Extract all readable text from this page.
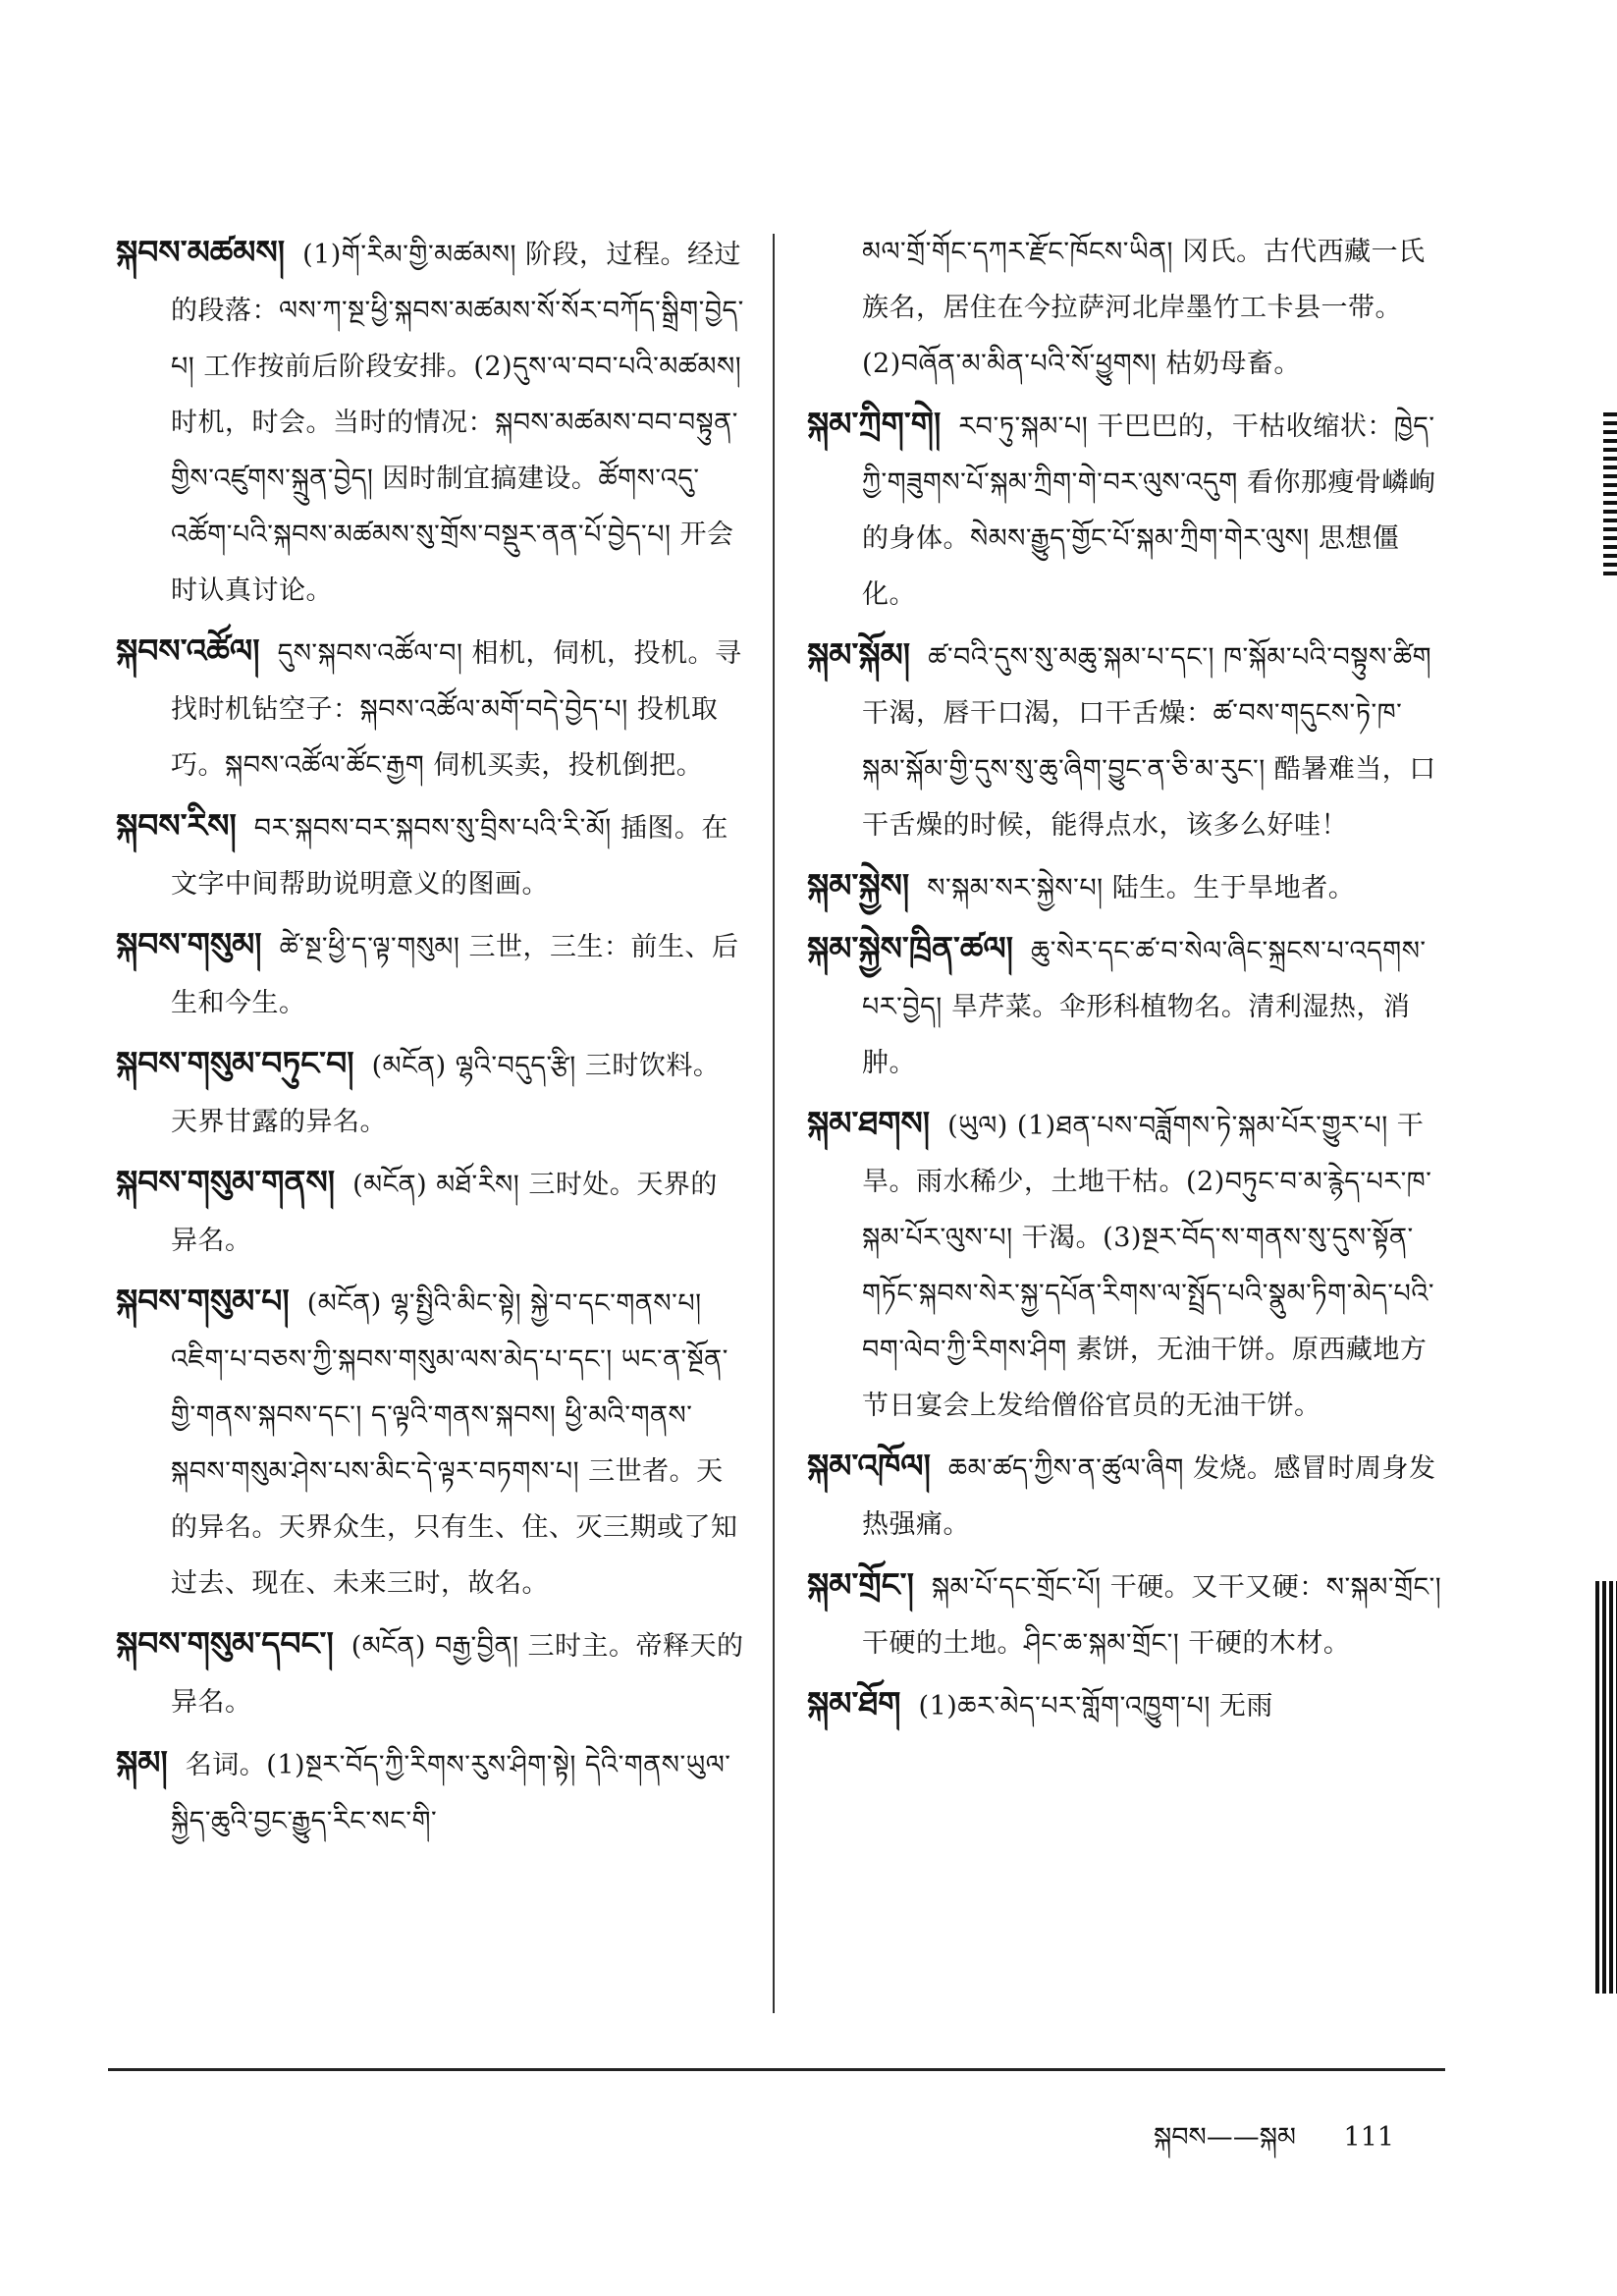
སྐབས་མཚམས། (1)གོ་རིམ་གྱི་མཚམས། 阶段，过程。经过的段落：ལས་ཀ་སྔ་ཕྱི་སྐབས་མཚམས་སོ་སོར་བཀོད་སྒྲིག་བྱེད་པ། 工作按前后阶段安排。(2)དུས་ལ་བབ་པའི་མཚམས། 时机，时会。当时的情况：སྐབས་མཚམས་བབ་བསྟུན་གྱིས་འཛུགས་སྐྲུན་བྱེད། 因时制宜搞建设。ཚོགས་འདུ་འཚོག་པའི་སྐབས་མཚམས་སུ་གྲོས་བསྡུར་ནན་པོ་བྱེད་པ། 开会时认真讨论。

སྐབས་འཚོལ། དུས་སྐབས་འཚོལ་བ། 相机，伺机，投机。寻找时机钻空子：སྐབས་འཚོལ་མགོ་བདེ་བྱེད་པ། 投机取巧。སྐབས་འཚོལ་ཚོང་རྒྱག 伺机买卖，投机倒把。

སྐབས་རིས། བར་སྐབས་བར་སྐབས་སུ་བྲིས་པའི་རི་མོ། 插图。在文字中间帮助说明意义的图画。

སྐབས་གསུམ། ཚེ་སྔ་ཕྱི་ད་ལྟ་གསུམ། 三世，三生：前生、后生和今生。

སྐབས་གསུམ་བཏུང་བ། (མངོན) ལྷའི་བདུད་རྩི། 三时饮料。天界甘露的异名。

སྐབས་གསུམ་གནས། (མངོན) མཐོ་རིས། 三时处。天界的异名。

སྐབས་གསུམ་པ། (མངོན) ལྷ་སྤྱིའི་མིང་སྟེ། སྐྱེ་བ་དང་གནས་པ། འཇིག་པ་བཅས་ཀྱི་སྐབས་གསུམ་ལས་མེད་པ་དང་། ཡང་ན་སྔོན་གྱི་གནས་སྐབས་དང་། ད་ལྟའི་གནས་སྐབས། ཕྱི་མའི་གནས་སྐབས་གསུམ་ཤེས་པས་མིང་དེ་ལྟར་བཏགས་པ། 三世者。天的异名。天界众生，只有生、住、灭三期或了知过去、现在、未来三时，故名。

སྐབས་གསུམ་དབང་། (མངོན) བརྒྱ་བྱིན། 三时主。帝释天的异名。

སྐམ། 名词。(1)སྔར་བོད་ཀྱི་རིགས་རུས་ཤིག་སྟེ། དེའི་གནས་ཡུལ་སྐྱིད་ཆུའི་བྱང་རྒྱུད་རིང་སང་གི་

མལ་གྲོ་གོང་དཀར་རྫོང་ཁོངས་ཡིན། 冈氏。古代西藏一氏族名，居住在今拉萨河北岸墨竹工卡县一带。(2)བཞོན་མ་མིན་པའི་སོ་ཕྱུགས། 枯奶母畜。

སྐམ་ཀྲིག་གེ། རབ་ཏུ་སྐམ་པ། 干巴巴的，干枯收缩状：ཁྱེད་ཀྱི་གཟུགས་པོ་སྐམ་ཀྲིག་གེ་བར་ལུས་འདུག 看你那瘦骨嶙峋的身体。སེམས་རྒྱུད་གྱོང་པོ་སྐམ་ཀྲིག་གེར་ལུས། 思想僵化。

སྐམ་སྐོམ། ཚ་བའི་དུས་སུ་མཆུ་སྐམ་པ་དང་། ཁ་སྐོམ་པའི་བསྟུས་ཚིག 干渴，唇干口渴，口干舌燥：ཚ་བས་གདུངས་ཏེ་ཁ་སྐམ་སྐོམ་གྱི་དུས་སུ་ཆུ་ཞིག་བྱུང་ན་ཅི་མ་རུང་། 酷暑难当，口干舌燥的时候，能得点水，该多么好哇！

སྐམ་སྐྱེས། ས་སྐམ་སར་སྐྱེས་པ། 陆生。生于旱地者。

སྐམ་སྐྱེས་ཁྲིན་ཚལ། ཆུ་སེར་དང་ཚ་བ་སེལ་ཞིང་སྐྲངས་པ་འདགས་པར་བྱེད། 旱芹菜。伞形科植物名。清利湿热，消肿。

སྐམ་ཐགས། (ཡུལ) (1)ཐན་པས་བཟློགས་ཏེ་སྐམ་པོར་གྱུར་པ། 干旱。雨水稀少，土地干枯。(2)བཏུང་བ་མ་རྙེད་པར་ཁ་སྐམ་པོར་ལུས་པ། 干渴。(3)སྔར་བོད་ས་གནས་སུ་དུས་སྟོན་གཏོང་སྐབས་སེར་སྐྱ་དཔོན་རིགས་ལ་སྤྲོད་པའི་སྣུམ་ཏིག་མེད་པའི་བག་ལེབ་ཀྱི་རིགས་ཤིག 素饼，无油干饼。原西藏地方节日宴会上发给僧俗官员的无油干饼。

སྐམ་འཁོལ། ཆམ་ཚད་ཀྱིས་ན་ཚུལ་ཞིག 发烧。感冒时周身发热强痛。

སྐམ་གྲོང་། སྐམ་པོ་དང་གྲོང་པོ། 干硬。又干又硬：ས་སྐམ་གྲོང་། 干硬的土地。ཤིང་ཆ་སྐམ་གྲོང་། 干硬的木材。

སྐམ་ཐོག (1)ཆར་མེད་པར་གློག་འཁྱུག་པ། 无雨

སྐབས——སྐམ 111
